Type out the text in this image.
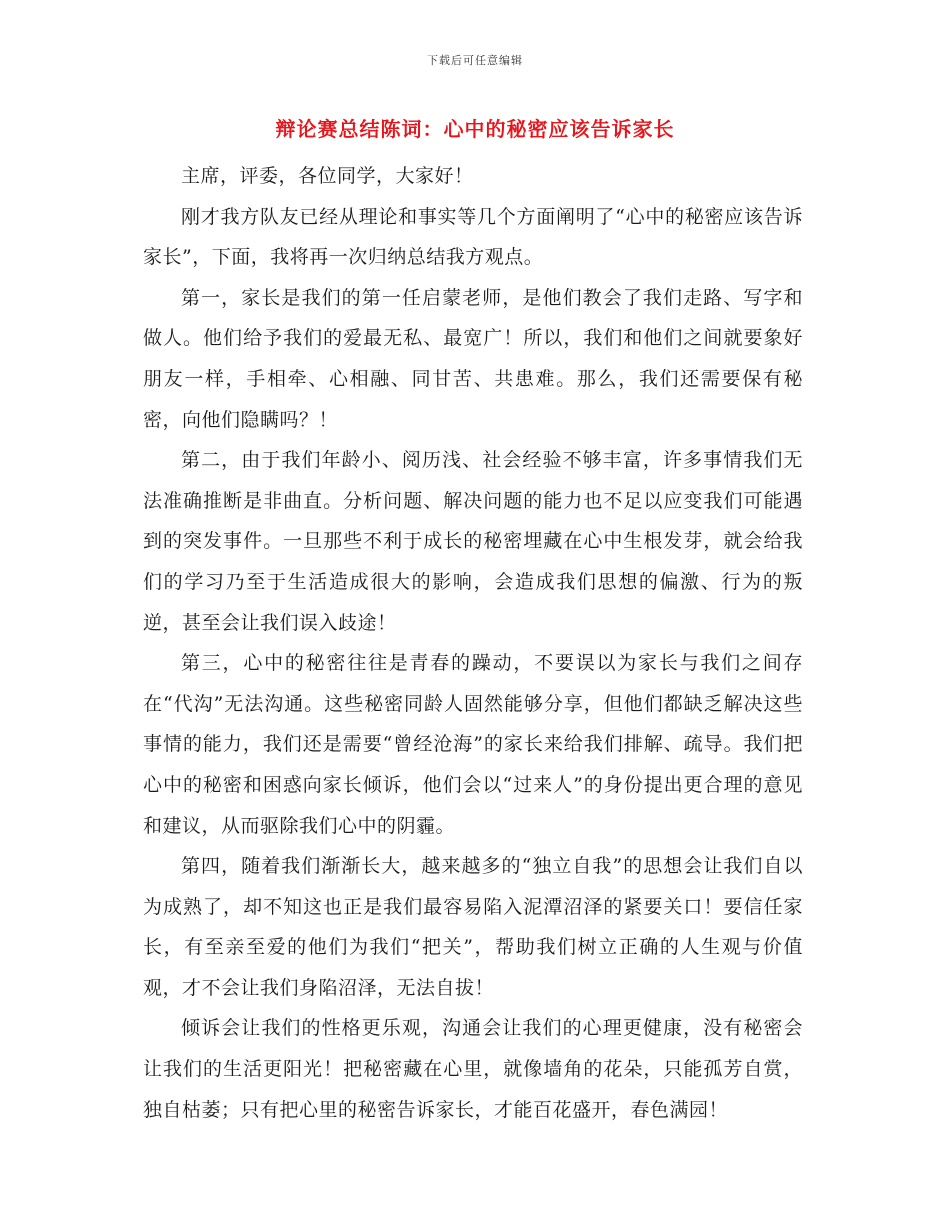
下载后可任意编辑
辩论赛总结陈词：心中的秘密应该告诉家长

主席，评委，各位同学，大家好！

刚才我方队友已经从理论和事实等几个方面阐明了“心中的秘密应该告诉家长”，下面，我将再一次归纳总结我方观点。

第一，家长是我们的第一任启蒙老师，是他们教会了我们走路、写字和做人。他们给予我们的爱最无私、最宽广！所以，我们和他们之间就要象好朋友一样，手相牵、心相融、同甘苦、共患难。那么，我们还需要保有秘密，向他们隐瞒吗？！

第二，由于我们年龄小、阅历浅、社会经验不够丰富，许多事情我们无法准确推断是非曲直。分析问题、解决问题的能力也不足以应变我们可能遇到的突发事件。一旦那些不利于成长的秘密埋藏在心中生根发芽，就会给我们的学习乃至于生活造成很大的影响，会造成我们思想的偏激、行为的叛逆，甚至会让我们误入歧途！

第三，心中的秘密往往是青春的躁动，不要误以为家长与我们之间存在“代沟”无法沟通。这些秘密同龄人固然能够分享，但他们都缺乏解决这些事情的能力，我们还是需要“曾经沧海”的家长来给我们排解、疏导。我们把心中的秘密和困惑向家长倾诉，他们会以“过来人”的身份提出更合理的意见和建议，从而驱除我们心中的阴霾。

第四，随着我们渐渐长大，越来越多的“独立自我”的思想会让我们自以为成熟了，却不知这也正是我们最容易陷入泥潭沼泽的紧要关口！要信任家长，有至亲至爱的他们为我们“把关”，帮助我们树立正确的人生观与价值观，才不会让我们身陷沼泽，无法自拔！

倾诉会让我们的性格更乐观，沟通会让我们的心理更健康，没有秘密会让我们的生活更阳光！把秘密藏在心里，就像墙角的花朵，只能孤芳自赏，独自枯萎；只有把心里的秘密告诉家长，才能百花盛开，春色满园！
